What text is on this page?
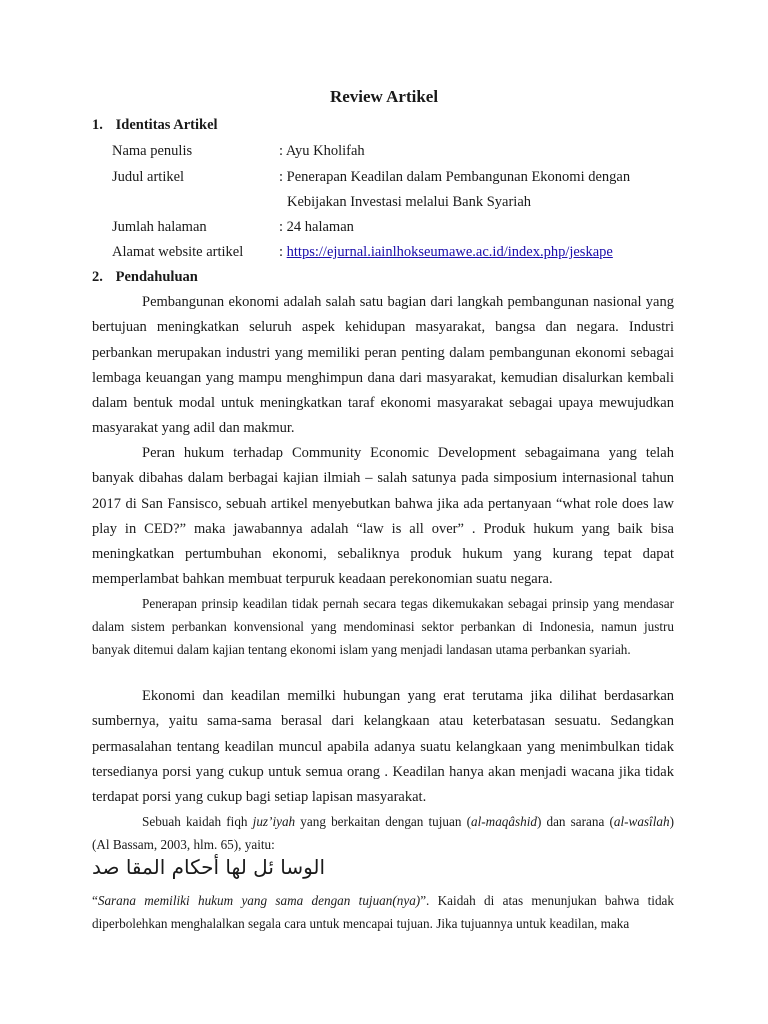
Review Artikel
1. Identitas Artikel
Nama penulis	: Ayu Kholifah
Judul artikel	: Penerapan Keadilan dalam Pembangunan Ekonomi dengan
Kebijakan Investasi melalui Bank Syariah
Jumlah halaman	: 24 halaman
Alamat website artikel : https://ejurnal.iainlhokseumawe.ac.id/index.php/jeskape
2. Pendahuluan

Pembangunan ekonomi adalah salah satu bagian dari langkah pembangunan nasional yang bertujuan meningkatkan seluruh aspek kehidupan masyarakat, bangsa dan negara. Industri perbankan merupakan industri yang memiliki peran penting dalam pembangunan ekonomi sebagai lembaga keuangan yang mampu menghimpun dana dari masyarakat, kemudian disalurkan kembali dalam bentuk modal untuk meningkatkan taraf ekonomi masyarakat sebagai upaya mewujudkan masyarakat yang adil dan makmur.

Peran hukum terhadap Community Economic Development sebagaimana yang telah banyak dibahas dalam berbagai kajian ilmiah – salah satunya pada simposium internasional tahun 2017 di San Fansisco, sebuah artikel menyebutkan bahwa jika ada pertanyaan “what role does law play in CED?” maka jawabannya adalah “law is all over” . Produk hukum yang baik bisa meningkatkan pertumbuhan ekonomi, sebaliknya produk hukum yang kurang tepat dapat memperlambat bahkan membuat terpuruk keadaan perekonomian suatu negara.

Penerapan prinsip keadilan tidak pernah secara tegas dikemukakan sebagai prinsip yang mendasar dalam sistem perbankan konvensional yang mendominasi sektor perbankan di Indonesia, namun justru banyak ditemui dalam kajian tentang ekonomi islam yang menjadi landasan utama perbankan syariah.

Ekonomi dan keadilan memilki hubungan yang erat terutama jika dilihat berdasarkan sumbernya, yaitu sama-sama berasal dari kelangkaan atau keterbatasan sesuatu. Sedangkan permasalahan tentang keadilan muncul apabila adanya suatu kelangkaan yang menimbulkan tidak tersedianya porsi yang cukup untuk semua orang . Keadilan hanya akan menjadi wacana jika tidak terdapat porsi yang cukup bagi setiap lapisan masyarakat.

Sebuah kaidah fiqh juz’iyah yang berkaitan dengan tujuan (al-maqâshid) dan sarana (al-wasîlah) (Al Bassam, 2003, hlm. 65), yaitu:

الوسا ئل لها أحكام المقا صد

“Sarana memiliki hukum yang sama dengan tujuan(nya)”. Kaidah di atas menunjukan bahwa tidak diperbolehkan menghalalkan segala cara untuk mencapai tujuan. Jika tujuannya untuk keadilan, maka
